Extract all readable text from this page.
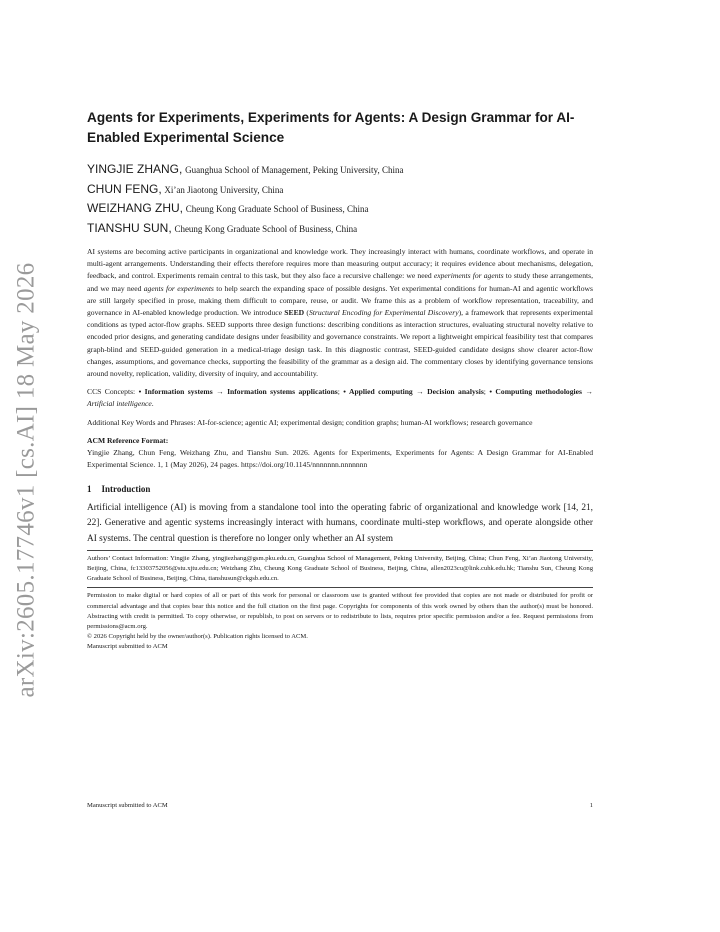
arXiv:2605.17746v1 [cs.AI] 18 May 2026
Agents for Experiments, Experiments for Agents: A Design Grammar for AI-Enabled Experimental Science

YINGJIE ZHANG, Guanghua School of Management, Peking University, China

CHUN FENG, Xi’an Jiaotong University, China

WEIZHANG ZHU, Cheung Kong Graduate School of Business, China

TIANSHU SUN, Cheung Kong Graduate School of Business, China

AI systems are becoming active participants in organizational and knowledge work. They increasingly interact with humans, coordinate workflows, and operate in multi-agent arrangements. Understanding their effects therefore requires more than measuring output accuracy; it requires evidence about mechanisms, delegation, feedback, and control. Experiments remain central to this task, but they also face a recursive challenge: we need experiments for agents to study these arrangements, and we may need agents for experiments to help search the expanding space of possible designs. Yet experimental conditions for human-AI and agentic workflows are still largely specified in prose, making them difficult to compare, reuse, or audit. We frame this as a problem of workflow representation, traceability, and governance in AI-enabled knowledge production. We introduce SEED (Structural Encoding for Experimental Discovery), a framework that represents experimental conditions as typed actor-flow graphs. SEED supports three design functions: describing conditions as interaction structures, evaluating structural novelty relative to encoded prior designs, and generating candidate designs under feasibility and governance constraints. We report a lightweight empirical feasibility test that compares graph-blind and SEED-guided generation in a medical-triage design task. In this diagnostic contrast, SEED-guided candidate designs show clearer actor-flow changes, assumptions, and governance checks, supporting the feasibility of the grammar as a design aid. The commentary closes by identifying governance tensions around novelty, replication, validity, diversity of inquiry, and accountability.

CCS Concepts: • Information systems → Information systems applications; • Applied computing → Decision analysis; • Computing methodologies → Artificial intelligence.

Additional Key Words and Phrases: AI-for-science; agentic AI; experimental design; condition graphs; human-AI workflows; research governance

ACM Reference Format:

Yingjie Zhang, Chun Feng, Weizhang Zhu, and Tianshu Sun. 2026. Agents for Experiments, Experiments for Agents: A Design Grammar for AI-Enabled Experimental Science. 1, 1 (May 2026), 24 pages. https://doi.org/10.1145/nnnnnnn.nnnnnnn

1 Introduction

Artificial intelligence (AI) is moving from a standalone tool into the operating fabric of organizational and knowledge work [14, 21, 22]. Generative and agentic systems increasingly interact with humans, coordinate multi-step workflows, and operate alongside other AI systems. The central question is therefore no longer only whether an AI system

Authors’ Contact Information: Yingjie Zhang, yingjiezhang@gsm.pku.edu.cn, Guanghua School of Management, Peking University, Beijing, China; Chun Feng, Xi’an Jiaotong University, Beijing, China, fc13303752056@stu.xjtu.edu.cn; Weizhang Zhu, Cheung Kong Graduate School of Business, Beijing, China, allen2023cu@link.cuhk.edu.hk; Tianshu Sun, Cheung Kong Graduate School of Business, Beijing, China, tianshusun@ckgsb.edu.cn.

Permission to make digital or hard copies of all or part of this work for personal or classroom use is granted without fee provided that copies are not made or distributed for profit or commercial advantage and that copies bear this notice and the full citation on the first page. Copyrights for components of this work owned by others than the author(s) must be honored. Abstracting with credit is permitted. To copy otherwise, or republish, to post on servers or to redistribute to lists, requires prior specific permission and/or a fee. Request permissions from permissions@acm.org.

© 2026 Copyright held by the owner/author(s). Publication rights licensed to ACM.

Manuscript submitted to ACM

Manuscript submitted to ACM	1
